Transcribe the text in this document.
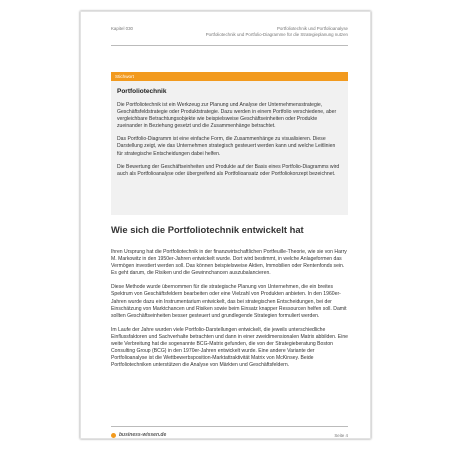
Kapitel 030	Portfoliotechnik und Portfolioanalyse
Portfoliotechnik und Portfolio-Diagramme für die Strategieplanung nutzen
Stichwort
Portfoliotechnik

Die Portfoliotechnik ist ein Werkzeug zur Planung und Analyse der Unternehmensstrategie, Geschäftsfeldstrategie oder Produktstrategie. Dazu werden in einem Portfolio verschiedene, aber vergleichbare Betrachtungsobjekte wie beispielsweise Geschäftseinheiten oder Produkte zueinander in Beziehung gesetzt und die Zusammenhänge betrachtet.

Das Portfolio-Diagramm ist eine einfache Form, die Zusammenhänge zu visualisieren. Diese Darstellung zeigt, wie das Unternehmen strategisch gesteuert werden kann und welche Leitlinien für strategische Entscheidungen dabei helfen.

Die Bewertung der Geschäftseinheiten und Produkte auf der Basis eines Portfolio-Diagramms wird auch als Portfolioanalyse oder übergreifend als Portfolioansatz oder Portfoliokonzept bezeichnet.

Wie sich die Portfoliotechnik entwickelt hat

Ihren Ursprung hat die Portfoliotechnik in der finanzwirtschaftlichen Portfeuille-Theorie, wie sie von Harry M. Markowitz in den 1950er-Jahren entwickelt wurde. Dort wird bestimmt, in welche Anlageformen das Vermögen investiert werden soll. Das können beispielsweise Aktien, Immobilien oder Rentenfonds sein. Es geht darum, die Risiken und die Gewinnchancen auszubalancieren.

Diese Methode wurde übernommen für die strategische Planung von Unternehmen, die ein breites Spektrum von Geschäftsfeldern bearbeiten oder eine Vielzahl von Produkten anbieten. In den 1960er-Jahren wurde dazu ein Instrumentarium entwickelt, das bei strategischen Entscheidungen, bei der Einschätzung von Marktchancen und Risiken sowie beim Einsatz knapper Ressourcen helfen soll. Damit sollten Geschäftseinheiten besser gesteuert und grundlegende Strategien formuliert werden.

Im Laufe der Jahre wurden viele Portfolio-Darstellungen entwickelt, die jeweils unterschiedliche Einflussfaktoren und Sachverhalte betrachten und dann in einer zweidimensionalen Matrix abbilden. Eine weite Verbreitung hat die sogenannte BCG-Matrix gefunden, die von der Strategieberatung Boston Consulting Group (BCG) in den 1970er-Jahren entwickelt wurde. Eine andere Variante der Portfolioanalyse ist die Wettbewerbsposition-Marktattraktivität Matrix von McKinsey. Beide Portfoliotechniken unterstützen die Analyse von Märkten und Geschäftsfeldern.

business-wissen.de	Seite 4
